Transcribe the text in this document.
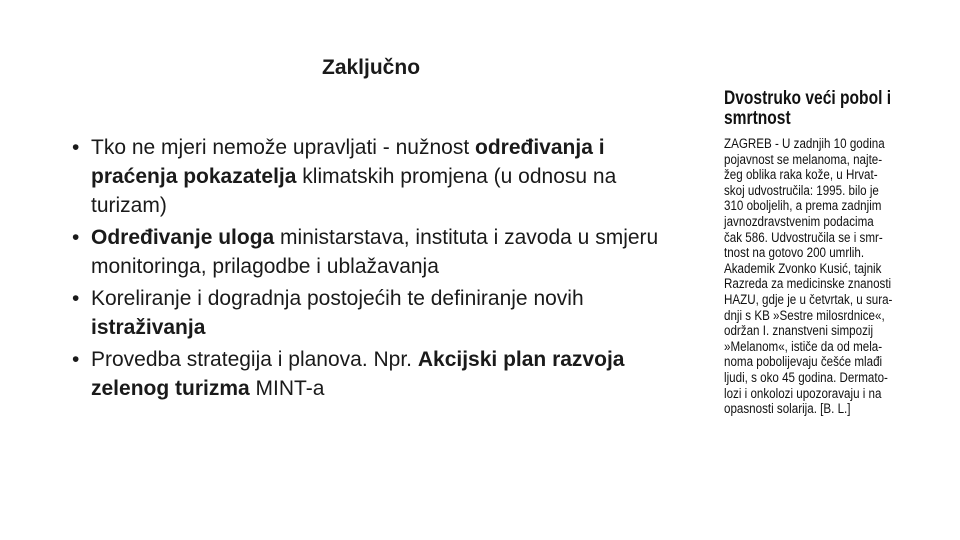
Zaključno
• Tko ne mjeri nemože upravljati - nužnost određivanja i praćenja pokazatelja klimatskih promjena (u odnosu na turizam)
• Određivanje uloga ministarstava, instituta i zavoda u smjeru monitoringa, prilagodbe i ublažavanja
• Koreliranje i dogradnja postojećih te definiranje novih istraživanja
• Provedba strategija i planova. Npr. Akcijski plan razvoja zelenog turizma MINT-a
Dvostruko veći pobol i
smrtnost
ZAGREB - U zadnjih 10 godina
pojavnost se melanoma, najte-
žeg oblika raka kože, u Hrvat-
skoj udvostručila: 1995. bilo je
310 oboljelih, a prema zadnjim
javnozdravstvenim podacima
čak 586. Udvostručila se i smr-
tnost na gotovo 200 umrlih.
Akademik Zvonko Kusić, tajnik
Razreda za medicinske znanosti
HAZU, gdje je u četvrtak, u sura-
dnji s KB »Sestre milosrdnice«,
održan I. znanstveni simpozij
»Melanom«, ističe da od mela-
noma pobolijevaju češće mlađi
ljudi, s oko 45 godina. Dermato-
lozi i onkolozi upozoravaju i na
opasnosti solarija. [B. L.]
